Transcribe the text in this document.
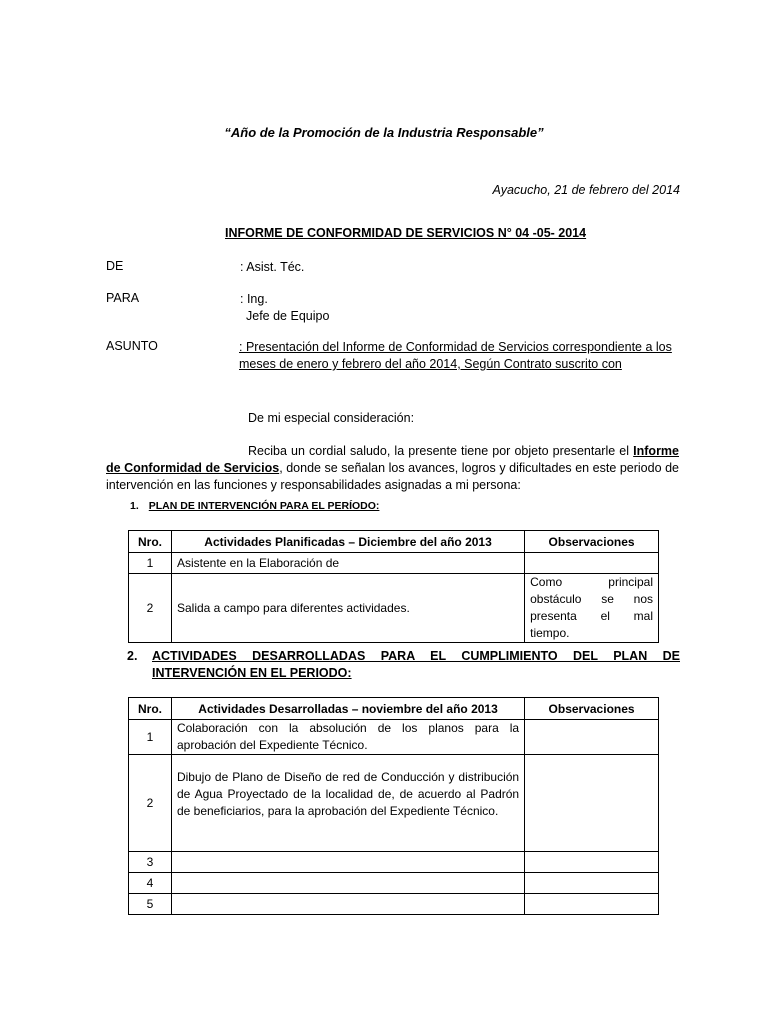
“Año de la Promoción de la Industria Responsable”
Ayacucho, 21 de febrero del 2014
INFORME DE CONFORMIDAD DE SERVICIOS N° 04 -05- 2014
DE	: Asist. Téc.
PARA	: Ing.
Jefe de Equipo
ASUNTO	: Presentación del Informe de Conformidad de Servicios correspondiente a los meses de enero y febrero del año 2014, Según Contrato suscrito con
De mi especial consideración:
Reciba un cordial saludo, la presente tiene por objeto presentarle el Informe de Conformidad de Servicios, donde se señalan los avances, logros y dificultades en este periodo de intervención en las funciones y responsabilidades asignadas a mi persona:
1. PLAN DE INTERVENCIÓN PARA EL PERÍODO:
Nro.	Actividades Planificadas – Diciembre del año 2013	Observaciones
1	Asistente en la Elaboración de	
2	Salida a campo para diferentes actividades.	Como principal obstáculo se nos presenta el mal tiempo.
2. ACTIVIDADES DESARROLLADAS PARA EL CUMPLIMIENTO DEL PLAN DE INTERVENCIÓN EN EL PERIODO:
Nro.	Actividades Desarrolladas – noviembre del año 2013	Observaciones
1	Colaboración con la absolución de los planos para la aprobación del Expediente Técnico.	
2	Dibujo de Plano de Diseño de red de Conducción y distribución de Agua Proyectado de la localidad de, de acuerdo al Padrón de beneficiarios, para la aprobación del Expediente Técnico.	
3		
4		
5		
